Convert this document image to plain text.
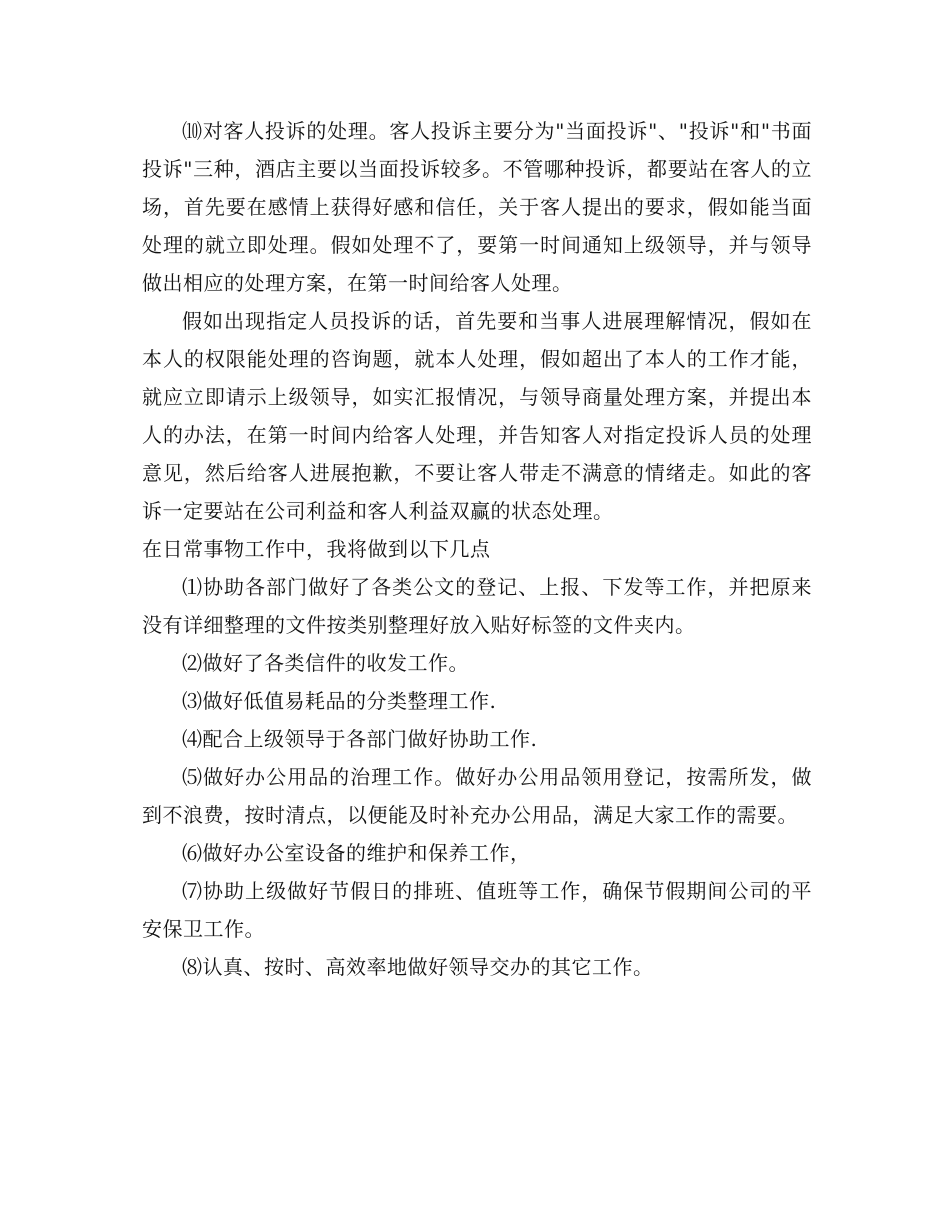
⑽对客人投诉的处理。客人投诉主要分为"当面投诉"、"投诉"和"书面投诉"三种，酒店主要以当面投诉较多。不管哪种投诉，都要站在客人的立场，首先要在感情上获得好感和信任，关于客人提出的要求，假如能当面处理的就立即处理。假如处理不了，要第一时间通知上级领导，并与领导做出相应的处理方案，在第一时间给客人处理。

假如出现指定人员投诉的话，首先要和当事人进展理解情况，假如在本人的权限能处理的咨询题，就本人处理，假如超出了本人的工作才能，就应立即请示上级领导，如实汇报情况，与领导商量处理方案，并提出本人的办法，在第一时间内给客人处理，并告知客人对指定投诉人员的处理意见，然后给客人进展抱歉，不要让客人带走不满意的情绪走。如此的客诉一定要站在公司利益和客人利益双赢的状态处理。

在日常事物工作中，我将做到以下几点

⑴协助各部门做好了各类公文的登记、上报、下发等工作，并把原来没有详细整理的文件按类别整理好放入贴好标签的文件夹内。

⑵做好了各类信件的收发工作。

⑶做好低值易耗品的分类整理工作.

⑷配合上级领导于各部门做好协助工作.

⑸做好办公用品的治理工作。做好办公用品领用登记，按需所发，做到不浪费，按时清点，以便能及时补充办公用品，满足大家工作的需要。

⑹做好办公室设备的维护和保养工作，

⑺协助上级做好节假日的排班、值班等工作，确保节假期间公司的平安保卫工作。

⑻认真、按时、高效率地做好领导交办的其它工作。
